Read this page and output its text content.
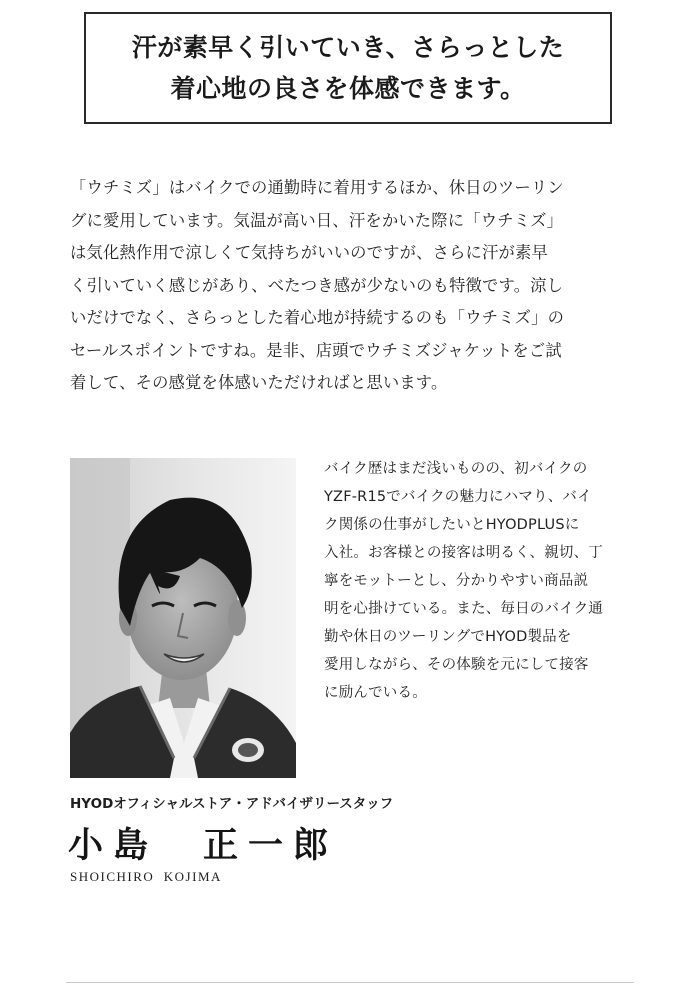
汗が素早く引いていき、さらっとした
着心地の良さを体感できます。
「ウチミズ」はバイクでの通勤時に着用するほか、休日のツーリン
グに愛用しています。気温が高い日、汗をかいた際に「ウチミズ」
は気化熱作用で涼しくて気持ちがいいのですが、さらに汗が素早
く引いていく感じがあり、べたつき感が少ないのも特徴です。涼し
いだけでなく、さらっとした着心地が持続するのも「ウチミズ」の
セールスポイントですね。是非、店頭でウチミズジャケットをご試
着して、その感覚を体感いただければと思います。
バイク歴はまだ浅いものの、初バイクの
YZF-R15でバイクの魅力にハマり、バイ
ク関係の仕事がしたいとHYODPLUSに
入社。お客様との接客は明るく、親切、丁
寧をモットーとし、分かりやすい商品説
明を心掛けている。また、毎日のバイク通
勤や休日のツーリングでHYOD製品を
愛用しながら、その体験を元にして接客
に励んでいる。
HYODオフィシャルストア・アドバイザリースタッフ
小島　正一郎
SHOICHIRO  KOJIMA
